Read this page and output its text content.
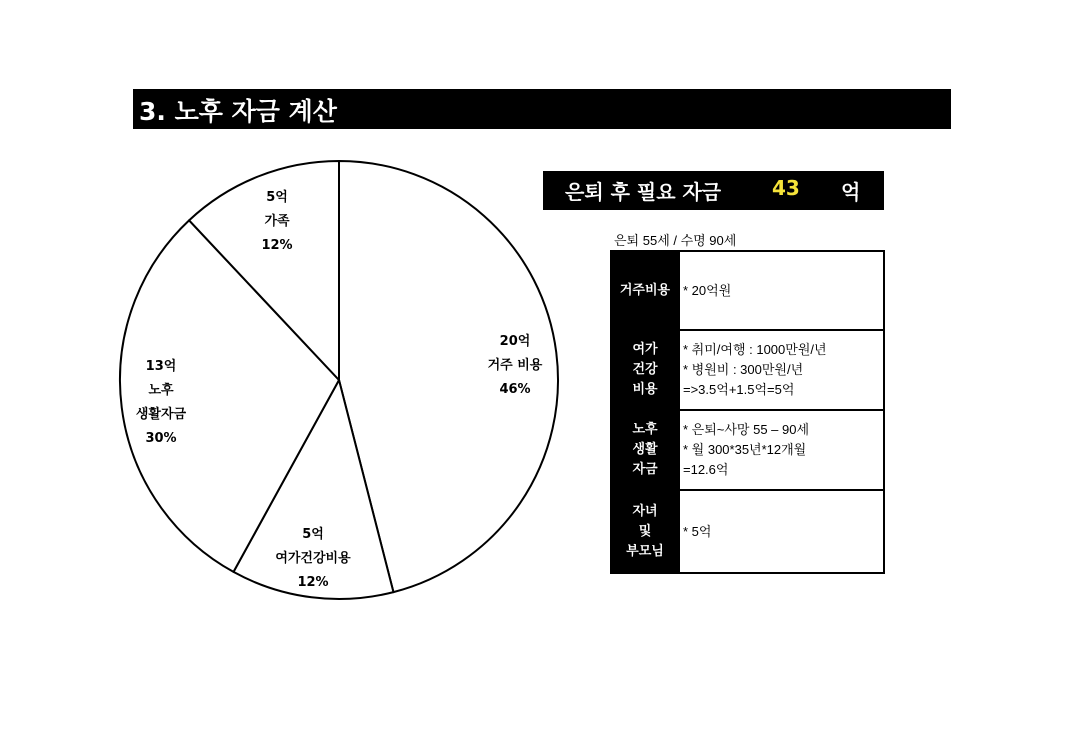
3. 노후 자금 계산
20억
거주 비용
46%
5억
여가건강비용
12%
13억
노후
생활자금
30%
5억
가족
12%
은퇴 후 필요 자금	43 억
은퇴 55세 / 수명 90세
거주비용	* 20억원

여가
건강
비용	* 취미/여행 : 1000만원/년
* 병원비 : 300만원/년
=>3.5억+1.5억=5억

노후
생활
자금	* 은퇴~사망 55 – 90세
* 월 300*35년*12개월
=12.6억

자녀
및
부모님	* 5억
